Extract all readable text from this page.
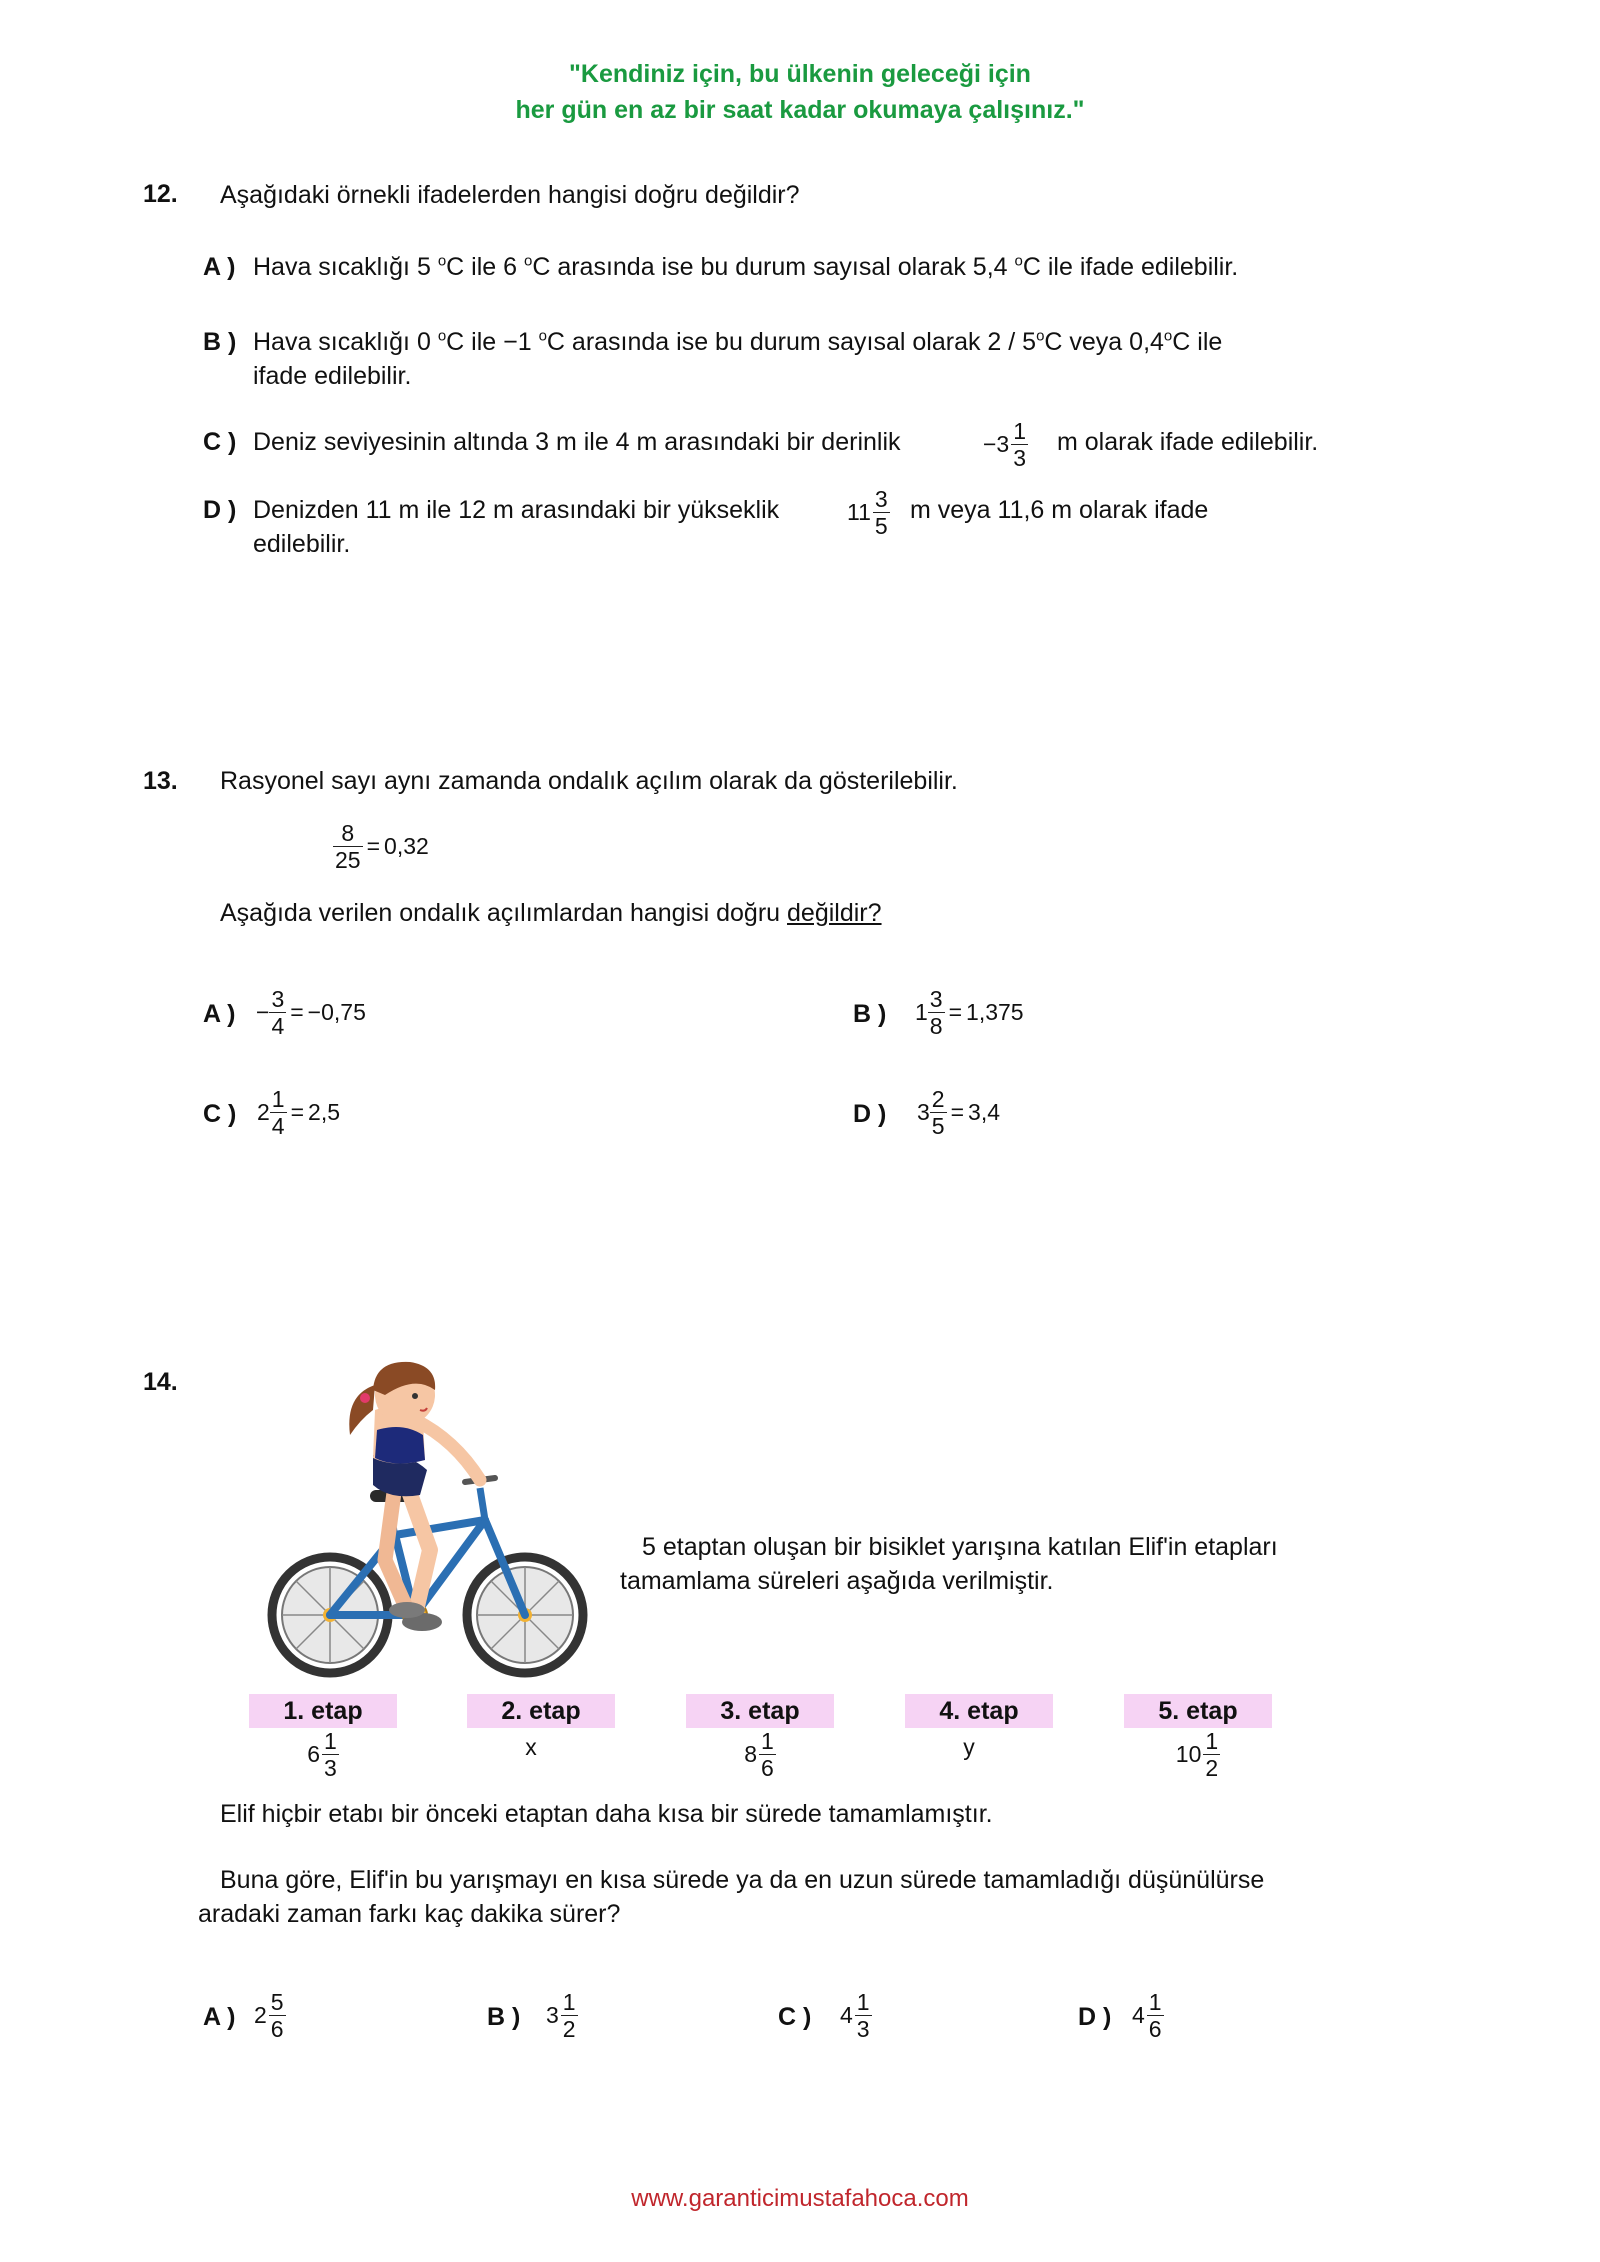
"Kendiniz için, bu ülkenin geleceği için
her gün en az bir saat kadar okumaya çalışınız."
12. Aşağıdaki örnekli ifadelerden hangisi doğru değildir?
A ) Hava sıcaklığı 5 $^o$C ile 6 $^o$C arasında ise bu durum sayısal olarak 5,4 $^o$C ile ifade edilebilir.
B ) Hava sıcaklığı 0 $^o$C ile −1 $^o$C arasında ise bu durum sayısal olarak 2 / 5$^o$C veya 0,4$^o$C ile
ifade edilebilir.
C ) Deniz seviyesinin altında 3 m ile 4 m arasındaki bir derinlik	$-3 \frac{1}{3}$ m olarak ifade edilebilir.
D ) Denizden 11 m ile 12 m arasındaki bir yükseklik	$11 \frac{3}{5}$ m veya 11,6 m olarak ifade
edilebilir.
13. Rasyonel sayı aynı zamanda ondalık açılım olarak da gösterilebilir.
$\frac{8}{25} = 0,32$
Aşağıda verilen ondalık açılımlardan hangisi doğru değildir?
A ) − $\frac{3}{4} = -0,75$	B ) $1 \frac{3}{8} = 1,375$
C ) $2 \frac{1}{4} = 2,5$	D ) $3 \frac{2}{5} = 3,4$
14.
5 etaptan oluşan bir bisiklet yarışına katılan Elif'in etapları
tamamlama süreleri aşağıda verilmiştir.
1. etap	2. etap	3. etap	4. etap	5. etap
$6 \frac{1}{3}$	x	$8 \frac{1}{6}$	y	$10 \frac{1}{2}$
Elif hiçbir etabı bir önceki etaptan daha kısa bir sürede tamamlamıştır.
Buna göre, Elif'in bu yarışmayı en kısa sürede ya da en uzun sürede tamamladığı düşünülürse
aradaki zaman farkı kaç dakika sürer?
A ) $2 \frac{5}{6}$	B ) $3 \frac{1}{2}$	C ) $4 \frac{1}{3}$	D ) $4 \frac{1}{6}$
www.garanticimustafahoca.com
